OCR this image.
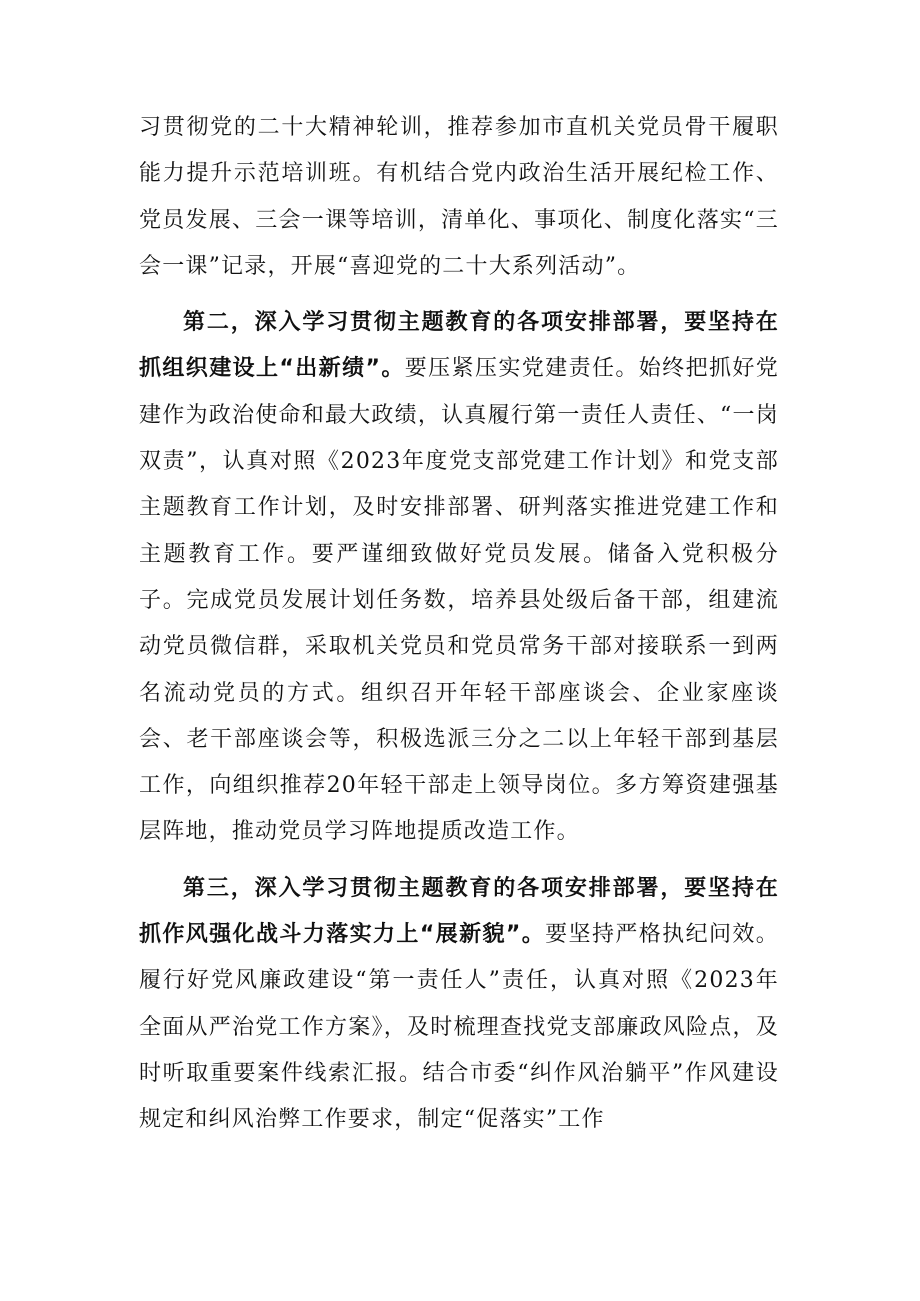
习贯彻党的二十大精神轮训，推荐参加市直机关党员骨干履职能力提升示范培训班。有机结合党内政治生活开展纪检工作、党员发展、三会一课等培训，清单化、事项化、制度化落实“三会一课”记录，开展“喜迎党的二十大系列活动”。

第二，深入学习贯彻主题教育的各项安排部署，要坚持在抓组织建设上“出新绩”。要压紧压实党建责任。始终把抓好党建作为政治使命和最大政绩，认真履行第一责任人责任、“一岗双责”，认真对照《2023年度党支部党建工作计划》和党支部主题教育工作计划，及时安排部署、研判落实推进党建工作和主题教育工作。要严谨细致做好党员发展。储备入党积极分子。完成党员发展计划任务数，培养县处级后备干部，组建流动党员微信群，采取机关党员和党员常务干部对接联系一到两名流动党员的方式。组织召开年轻干部座谈会、企业家座谈会、老干部座谈会等，积极选派三分之二以上年轻干部到基层工作，向组织推荐20年轻干部走上领导岗位。多方筹资建强基层阵地，推动党员学习阵地提质改造工作。

第三，深入学习贯彻主题教育的各项安排部署，要坚持在抓作风强化战斗力落实力上“展新貌”。要坚持严格执纪问效。履行好党风廉政建设“第一责任人”责任，认真对照《2023年全面从严治党工作方案》，及时梳理查找党支部廉政风险点，及时听取重要案件线索汇报。结合市委“纠作风治躺平”作风建设规定和纠风治弊工作要求，制定“促落实”工作
